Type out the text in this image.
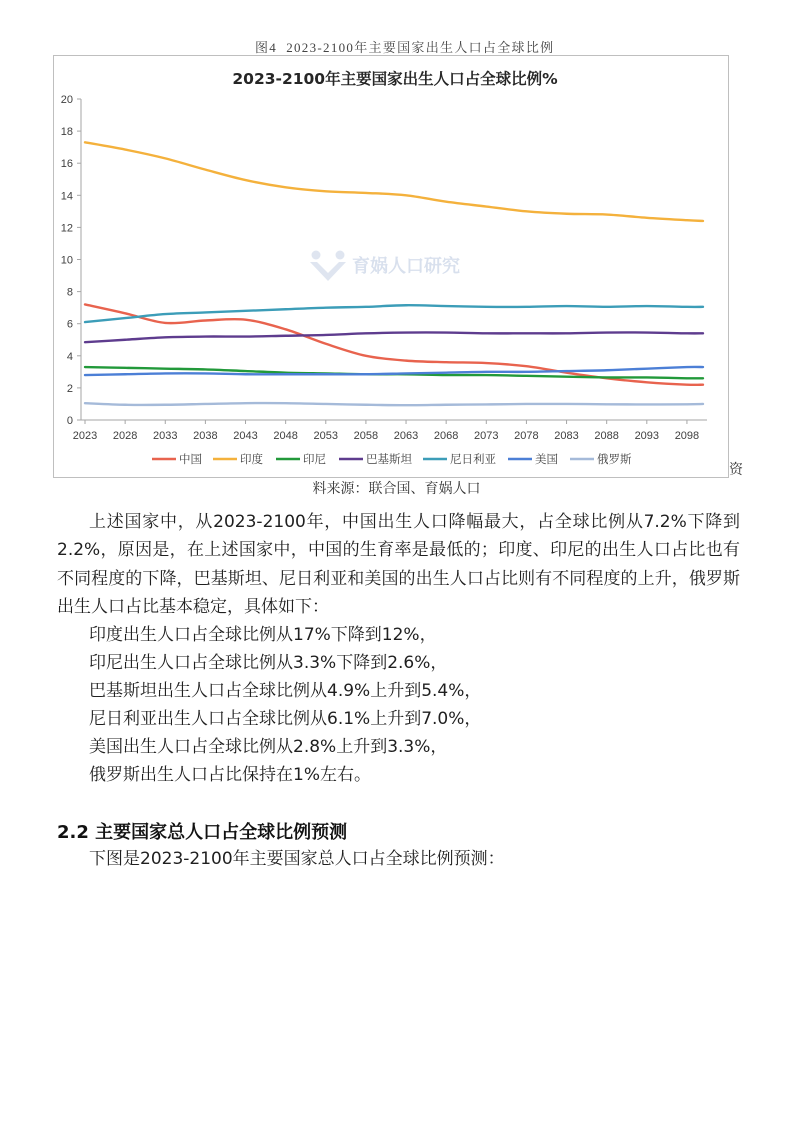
图4  2023-2100年主要国家出生人口占全球比例
育娲人口研究
2023-2100年主要国家出生人口占全球比例%
0
2
4
6
8
10
12
14
16
18
20
2023 2028 2033 2038 2043 2048 2053 2058 2063 2068 2073 2078 2083 2088 2093 2098
中国	印度	印尼	巴基斯坦	尼日利亚	美国	俄罗斯
资
料来源：联合国、育娲人口
上述国家中，从2023-2100年，中国出生人口降幅最大，占全球比例从7.2%下降到
2.2%，原因是，在上述国家中，中国的生育率是最低的；印度、印尼的出生人口占比也有
不同程度的下降，巴基斯坦、尼日利亚和美国的出生人口占比则有不同程度的上升，俄罗斯
出生人口占比基本稳定，具体如下：
印度出生人口占全球比例从17%下降到12%，
印尼出生人口占全球比例从3.3%下降到2.6%，
巴基斯坦出生人口占全球比例从4.9%上升到5.4%，
尼日利亚出生人口占全球比例从6.1%上升到7.0%，
美国出生人口占全球比例从2.8%上升到3.3%，
俄罗斯出生人口占比保持在1%左右。
2.2 主要国家总人口占全球比例预测
下图是2023-2100年主要国家总人口占全球比例预测：
